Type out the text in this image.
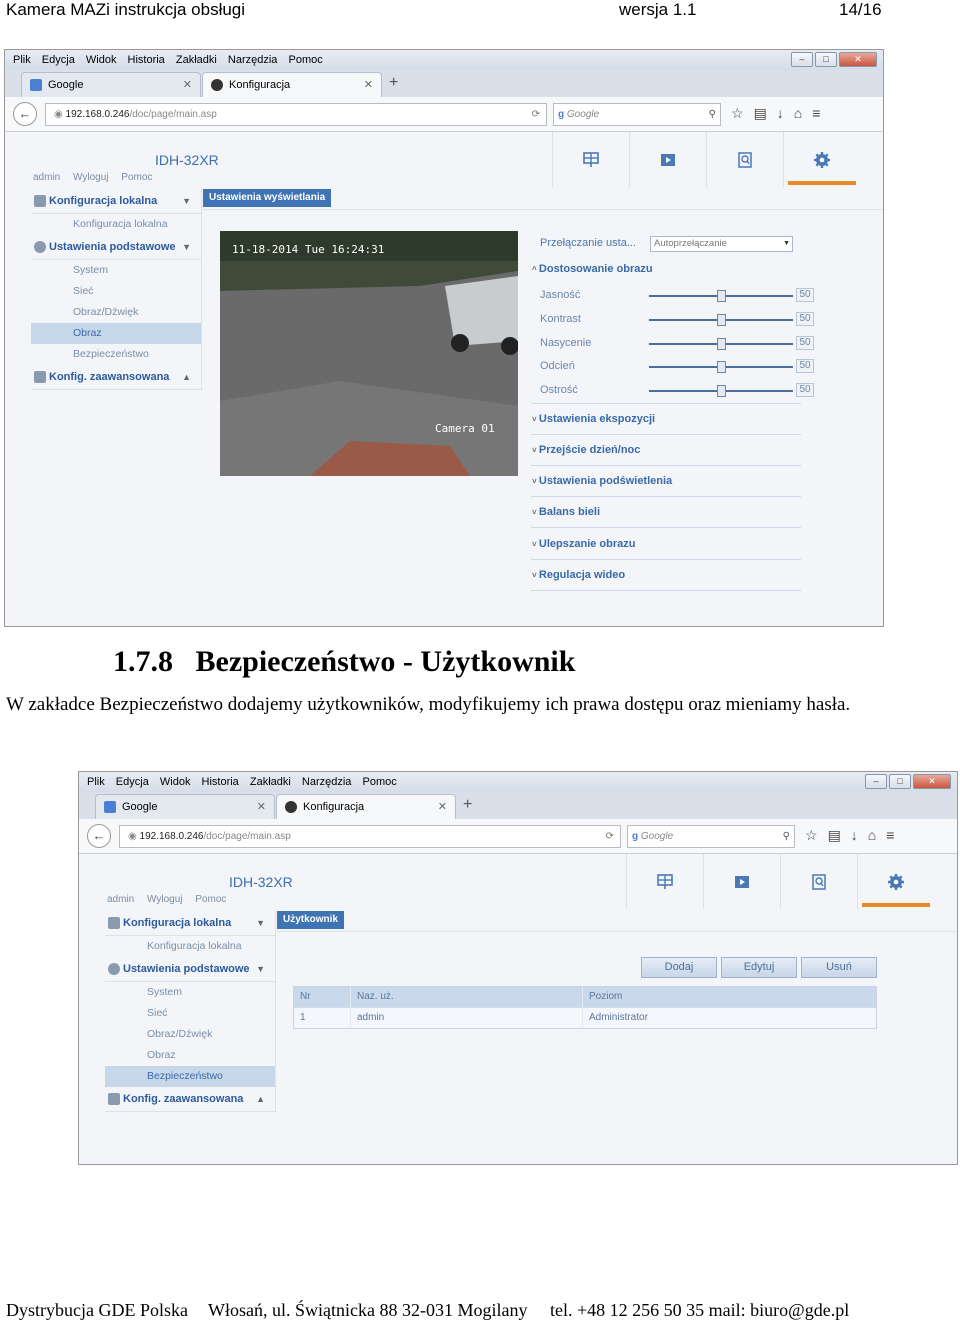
Kamera MAZi instrukcja obsługi	wersja 1.1	14/16
Plik Edycja Widok Historia Zakładki Narzędzia Pomoc	–	□	✕
Google	✕	Konfiguracja	✕ +
←	◉ 192.168.0.246/doc/page/main.asp	⟳	g Google	⚲ ☆▤↓⌂≡
IDH-32XR
admin Wyloguj Pomoc
Konfiguracja lokalna	▼
Konfiguracja lokalna
Ustawienia podstawowe ▼
System
Sieć
Obraz/Dźwięk
Obraz
Bezpieczeństwo
Konfig. zaawansowana ▲
Ustawienia wyświetlania
11-18-2014 Tue 16:24:31
Camera 01
Przełączanie usta...	Autoprzełączanie ▼
^ Dostosowanie obrazu
Jasność	50
Kontrast	50
Nasycenie	50
Odcień	50
Ostrość	50
˅ Ustawienia ekspozycji
˅ Przejście dzień/noc
˅ Ustawienia podświetlenia
˅ Balans bieli
˅ Ulepszanie obrazu
˅ Regulacja wideo
1.7.8   Bezpieczeństwo - Użytkownik
W zakładce Bezpieczeństwo dodajemy użytkowników, modyfikujemy ich prawa dostępu oraz mieniamy hasła.
Plik Edycja Widok Historia Zakładki Narzędzia Pomoc	–	□	✕
Google	✕	Konfiguracja	✕ +
←	◉ 192.168.0.246/doc/page/main.asp	⟳	g Google	⚲ ☆▤↓⌂≡
IDH-32XR
admin Wyloguj Pomoc
Konfiguracja lokalna	▼
Konfiguracja lokalna
Ustawienia podstawowe ▼
System
Sieć
Obraz/Dźwięk
Obraz
Bezpieczeństwo
Konfig. zaawansowana ▲
Użytkownik
Dodaj	Edytuj	Usuń
Nr	Naz. uż.	Poziom
1	admin	Administrator
Dystrybucja GDE Polska Włosań, ul. Świątnicka 88 32-031 Mogilany tel. +48 12 256 50 35 mail: biuro@gde.pl
